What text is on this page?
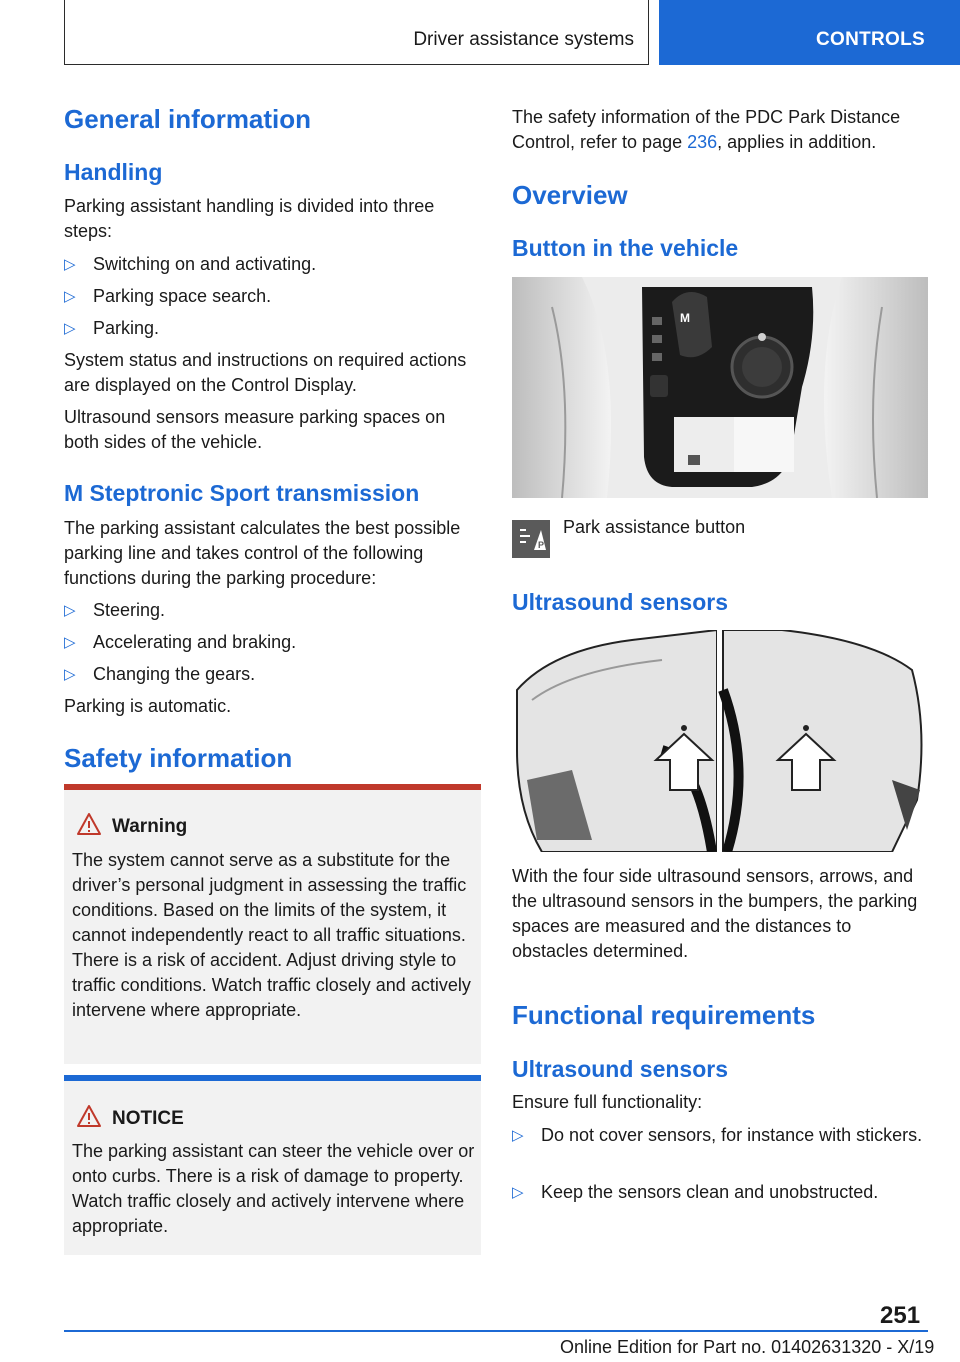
Driver assistance systems	CONTROLS
General information
Handling
Parking assistant handling is divided into three steps:
▷ Switching on and activating.
▷ Parking space search.
▷ Parking.
System status and instructions on required actions are displayed on the Control Display.
Ultrasound sensors measure parking spaces on both sides of the vehicle.
M Steptronic Sport transmission
The parking assistant calculates the best possible parking line and takes control of the following functions during the parking procedure:
▷ Steering.
▷ Accelerating and braking.
▷ Changing the gears.
Parking is automatic.
Safety information
Warning
The system cannot serve as a substitute for the driver’s personal judgment in assessing the traffic conditions. Based on the limits of the system, it cannot independently react to all traffic situations. There is a risk of accident. Adjust driving style to traffic conditions. Watch traffic closely and actively intervene where appropriate.
NOTICE
The parking assistant can steer the vehicle over or onto curbs. There is a risk of damage to property. Watch traffic closely and actively intervene where appropriate.
The safety information of the PDC Park Distance Control, refer to page 236, applies in addition.
Overview
Button in the vehicle
M
P
Park assistance button
Ultrasound sensors
With the four side ultrasound sensors, arrows, and the ultrasound sensors in the bumpers, the parking spaces are measured and the distances to obstacles determined.
Functional requirements
Ultrasound sensors
Ensure full functionality:
▷ Do not cover sensors, for instance with stickers.
▷ Keep the sensors clean and unobstructed.
251
Online Edition for Part no. 01402631320 - X/19
